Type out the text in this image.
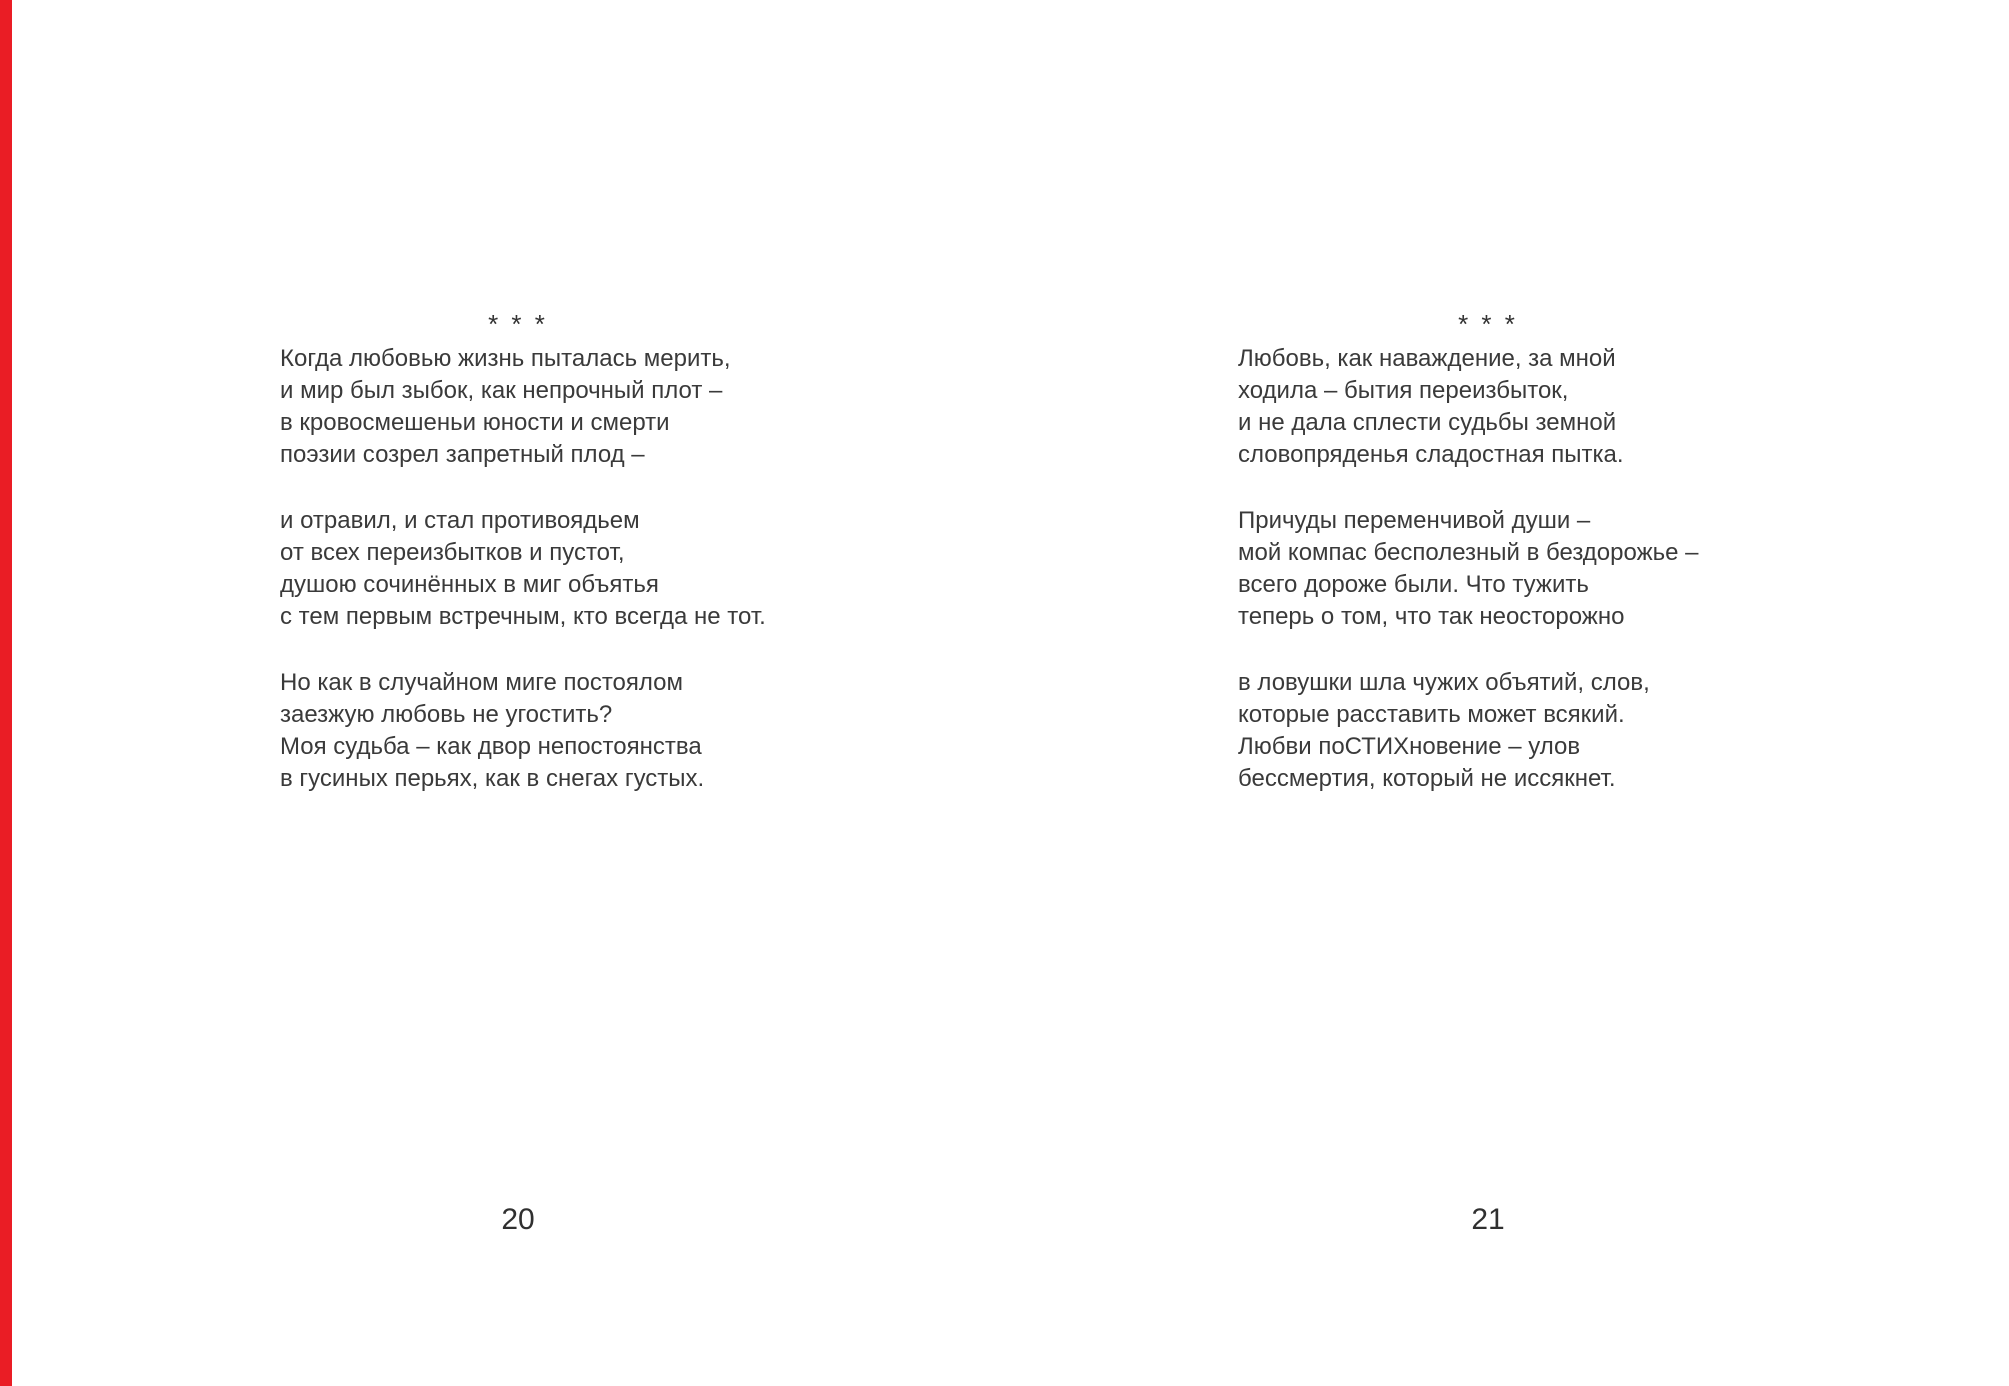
* * *
Когда любовью жизнь пыталась мерить,
и мир был зыбок, как непрочный плот –
в кровосмешеньи юности и смерти
поэзии созрел запретный плод –
и отравил, и стал противоядьем
от всех переизбытков и пустот,
душою сочинённых в миг объятья
с тем первым встречным, кто всегда не тот.
Но как в случайном миге постоялом
заезжую любовь не угостить?
Моя судьба – как двор непостоянства
в гусиных перьях, как в снегах густых.
* * *
Любовь, как наваждение, за мной
ходила – бытия переизбыток,
и не дала сплести судьбы земной
словопряденья сладостная пытка.
Причуды переменчивой души –
мой компас бесполезный в бездорожье –
всего дороже были. Что тужить
теперь о том, что так неосторожно
в ловушки шла чужих объятий, слов,
которые расставить может всякий.
Любви поСТИХновение – улов
бессмертия, который не иссякнет.
20	21
